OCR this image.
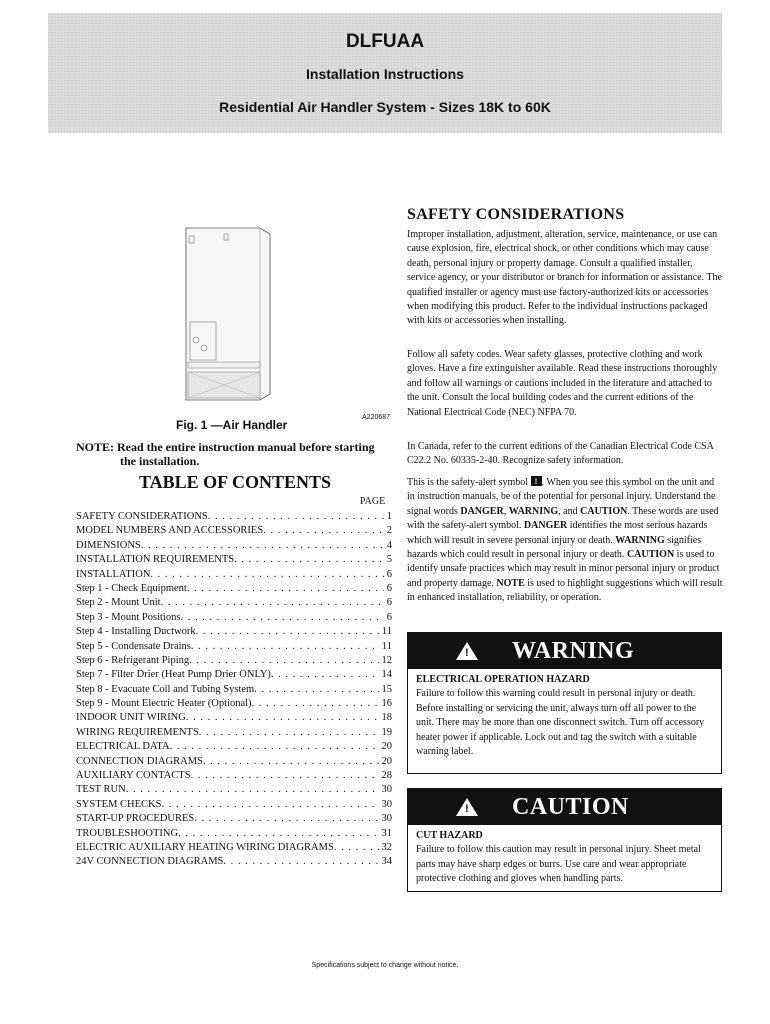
DLFUAA
Installation Instructions
Residential Air Handler System - Sizes 18K to 60K
A220687
Fig. 1 —Air Handler
NOTE: Read the entire instruction manual before starting
the installation.
TABLE OF CONTENTS
PAGE
SAFETY CONSIDERATIONS . . .	1
MODEL NUMBERS AND ACCESSORIES . . .	2
DIMENSIONS . . .	4
INSTALLATION REQUIREMENTS . . .	5
INSTALLATION . . .	6
Step 1 - Check Equipment . . .	6
Step 2 - Mount Unit . . .	6
Step 3 - Mount Positions . . .	6
Step 4 - Installing Ductwork . . .	11
Step 5 - Condensate Drains . . .	11
Step 6 - Refrigerant Piping . . .	12
Step 7 - Filter Drier (Heat Pump Drier ONLY) . . .	14
Step 8 - Evacuate Coil and Tubing System . . .	15
Step 9 - Mount Electric Heater (Optional) . . .	16
INDOOR UNIT WIRING . . .	18
WIRING REQUIREMENTS . . .	19
ELECTRICAL DATA . . .	20
CONNECTION DIAGRAMS . . .	20
AUXILIARY CONTACTS . . .	28
TEST RUN . . .	30
SYSTEM CHECKS . . .	30
START-UP PROCEDURES . . .	30
TROUBLESHOOTING . . .	31
ELECTRIC AUXILIARY HEATING WIRING DIAGRAMS . . .	32
24V CONNECTION DIAGRAMS . . .	34
SAFETY CONSIDERATIONS
Improper installation, adjustment, alteration, service, maintenance, or use can cause explosion, fire, electrical shock, or other conditions which may cause death, personal injury or property damage. Consult a qualified installer, service agency, or your distributor or branch for information or assistance. The qualified installer or agency must use factory-authorized kits or accessories when modifying this product. Refer to the individual instructions packaged with kits or accessories when installing.
Follow all safety codes. Wear safety glasses, protective clothing and work gloves. Have a fire extinguisher available. Read these instructions thoroughly and follow all warnings or cautions included in the literature and attached to the unit. Consult the local building codes and the current editions of the National Electrical Code (NEC) NFPA 70.
In Canada, refer to the current editions of the Canadian Electrical Code CSA C22.2 No. 60335-2-40. Recognize safety information.
This is the safety-alert symbol ! . When you see this symbol on the unit and in instruction manuals, be of the potential for personal injury. Understand the signal words DANGER, WARNING, and CAUTION. These words are used with the safety-alert symbol. DANGER identifies the most serious hazards which will result in severe personal injury or death. WARNING signifies hazards which could result in personal injury or death. CAUTION is used to identify unsafe practices which may result in minor personal injury or product and property damage. NOTE is used to highlight suggestions which will result in enhanced installation, reliability, or operation.
!
WARNING
ELECTRICAL OPERATION HAZARD
Failure to follow this warning could result in personal injury or death. Before installing or servicing the unit, always turn off all power to the unit. There may be more than one disconnect switch. Turn off accessory heater power if applicable. Lock out and tag the switch with a suitable warning label.
!
CAUTION
CUT HAZARD
Failure to follow this caution may result in personal injury. Sheet metal parts may have sharp edges or burrs. Use care and wear appropriate protective clothing and gloves when handling parts.
Specifications subject to change without notice.
